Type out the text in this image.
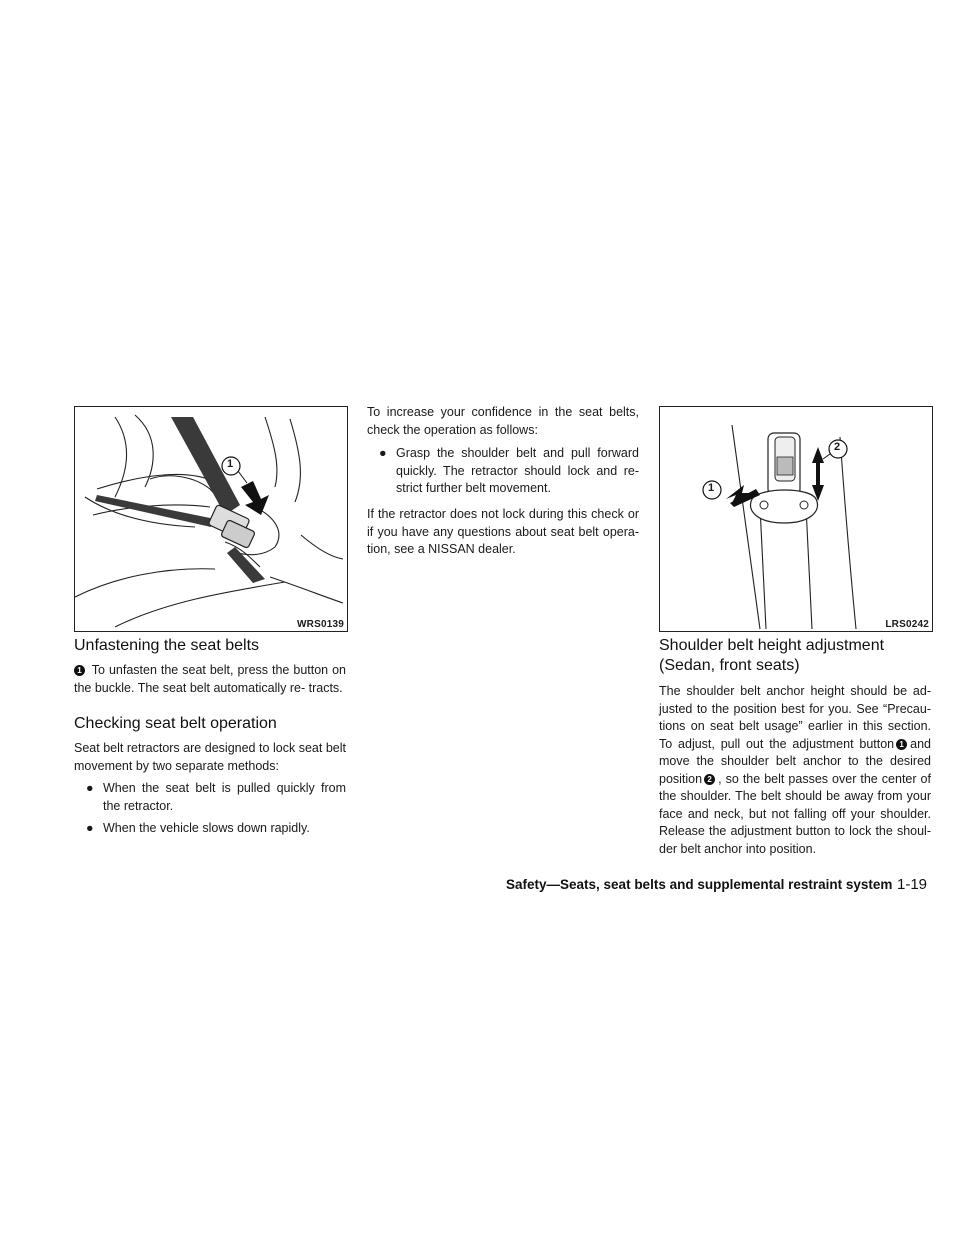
1
WRS0139
Unfastening the seat belts
1 To unfasten the seat belt, press the button on the buckle. The seat belt automatically re- tracts.
Checking seat belt operation

Seat belt retractors are designed to lock seat belt movement by two separate methods:

● When the seat belt is pulled quickly from the retractor.
● When the vehicle slows down rapidly.

To increase your confidence in the seat belts, check the operation as follows:

● Grasp the shoulder belt and pull forward quickly. The retractor should lock and re- strict further belt movement.

If the retractor does not lock during this check or if you have any questions about seat belt opera- tion, see a NISSAN dealer.

1
2
LRS0242
Shoulder belt height adjustment
(Sedan, front seats)
The shoulder belt anchor height should be ad- justed to the position best for you. See “Precau- tions on seat belt usage” earlier in this section. To adjust, pull out the adjustment button 1 and move the shoulder belt anchor to the desired position 2 , so the belt passes over the center of the shoulder. The belt should be away from your face and neck, but not falling off your shoulder. Release the adjustment button to lock the shoul- der belt anchor into position.
Safety—Seats, seat belts and supplemental restraint system 1-19
